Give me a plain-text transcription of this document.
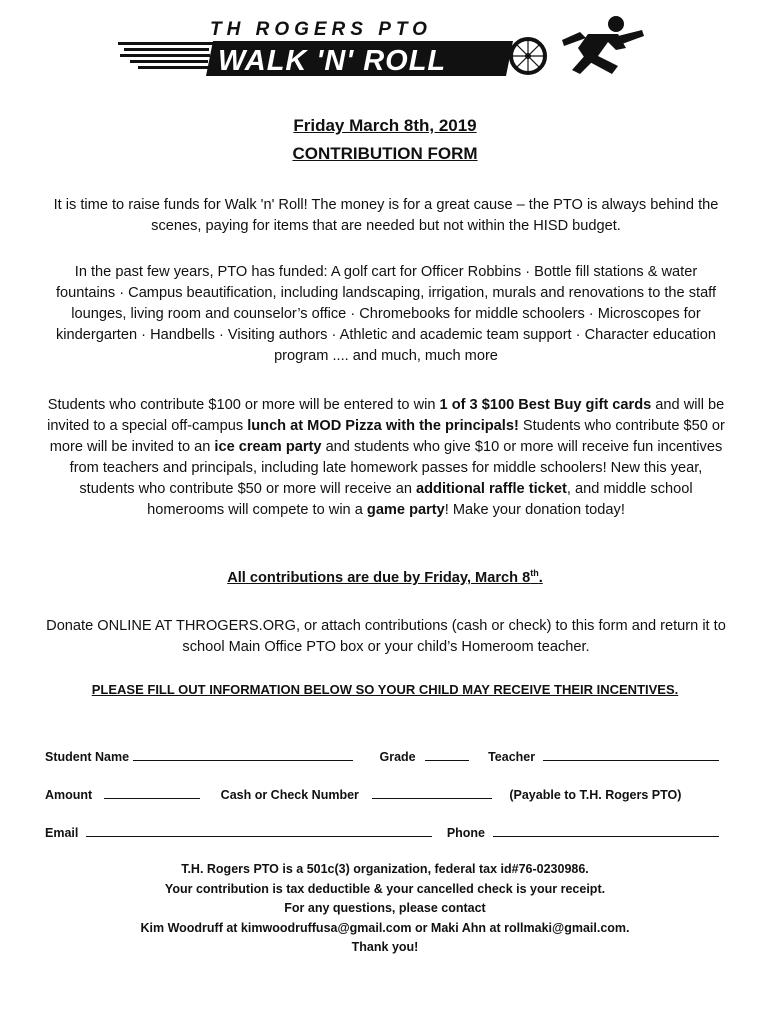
TH ROGERS PTO
WALK 'N' ROLL
Friday March 8th, 2019
CONTRIBUTION FORM
It is time to raise funds for Walk 'n' Roll! The money is for a great cause – the PTO is always behind the scenes, paying for items that are needed but not within the HISD budget.
In the past few years, PTO has funded: A golf cart for Officer Robbins · Bottle fill stations & water fountains · Campus beautification, including landscaping, irrigation, murals and renovations to the staff lounges, living room and counselor’s office · Chromebooks for middle schoolers · Microscopes for kindergarten · Handbells · Visiting authors · Athletic and academic team support · Character education program .... and much, much more
Students who contribute $100 or more will be entered to win 1 of 3 $100 Best Buy gift cards and will be invited to a special off-campus lunch at MOD Pizza with the principals! Students who contribute $50 or more will be invited to an ice cream party and students who give $10 or more will receive fun incentives from teachers and principals, including late homework passes for middle schoolers! New this year, students who contribute $50 or more will receive an additional raffle ticket, and middle school homerooms will compete to win a game party! Make your donation today!
All contributions are due by Friday, March 8th.
Donate ONLINE AT THROGERS.ORG, or attach contributions (cash or check) to this form and return it to school Main Office PTO box or your child’s Homeroom teacher.
PLEASE FILL OUT INFORMATION BELOW SO YOUR CHILD MAY RECEIVE THEIR INCENTIVES.
Student Name	Grade	Teacher
Amount	Cash or Check Number	(Payable to T.H. Rogers PTO)
Email	Phone
T.H. Rogers PTO is a 501c(3) organization, federal tax id#76-0230986.
Your contribution is tax deductible & your cancelled check is your receipt.
For any questions, please contact
Kim Woodruff at kimwoodruffusa@gmail.com or Maki Ahn at rollmaki@gmail.com.
Thank you!
